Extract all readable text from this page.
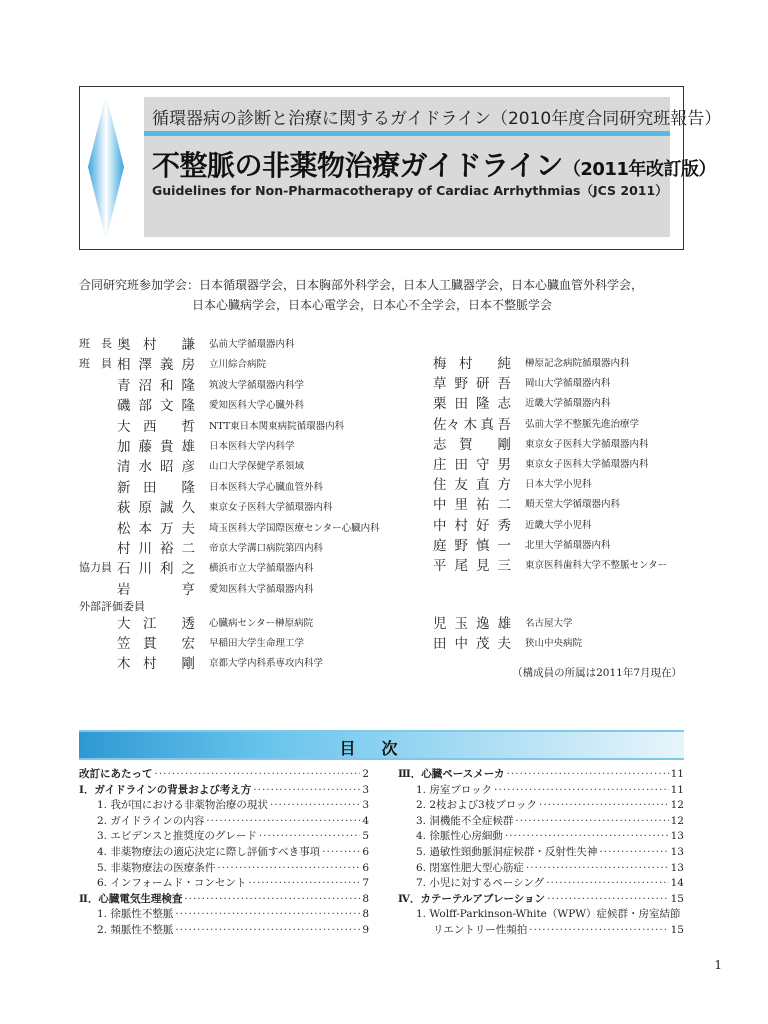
循環器病の診断と治療に関するガイドライン（2010年度合同研究班報告）
不整脈の非薬物治療ガイドライン（2011年改訂版）
Guidelines for Non-Pharmacotherapy of Cardiac Arrhythmias（JCS 2011）
合同研究班参加学会：日本循環器学会，日本胸部外科学会，日本人工臓器学会，日本心臓血管外科学会，
日本心臓病学会，日本心電学会，日本心不全学会，日本不整脈学会
外部評価委員
（構成員の所属は2011年7月現在）
目次
1
班　長 奥 村 謙 弘前大学循環器内科
班　員 相 澤 義 房 立川綜合病院
青 沼 和 隆 筑波大学循環器内科学
磯 部 文 隆 愛知医科大学心臓外科
大 西 哲 NTT東日本関東病院循環器内科
加 藤 貴 雄 日本医科大学内科学
清 水 昭 彦 山口大学保健学系領域
新 田 隆 日本医科大学心臓血管外科
萩 原 誠 久 東京女子医科大学循環器内科
松 本 万 夫 埼玉医科大学国際医療センター心臓内科
村 川 裕 二 帝京大学溝口病院第四内科
協力員 石 川 利 之 横浜市立大学循環器内科
岩	亨 愛知医科大学循環器内科
梅 村 純 榊原記念病院循環器内科
草 野 研 吾 岡山大学循環器内科
栗 田 隆 志 近畿大学循環器内科
佐々 木 真 吾 弘前大学不整脈先進治療学
志 賀 剛 東京女子医科大学循環器内科
庄 田 守 男 東京女子医科大学循環器内科
住 友 直 方 日本大学小児科
中 里 祐 二 順天堂大学循環器内科
中 村 好 秀 近畿大学小児科
庭 野 慎 一 北里大学循環器内科
平 尾 見 三 東京医科歯科大学不整脈センター
大 江 透 心臓病センター榊原病院
笠 貫 宏 早稲田大学生命理工学
木 村 剛 京都大学内科系専攻内科学
児 玉 逸 雄 名古屋大学
田 中 茂 夫 狭山中央病院
改訂にあたって ·····	2
Ⅰ．ガイドラインの背景および考え方 ·····	3
1. 我が国における非薬物治療の現状 ·····	3
2. ガイドラインの内容 ·····	4
3. エビデンスと推奨度のグレード ·····	5
4. 非薬物療法の適応決定に際し評価すべき事項 ·····	6
5. 非薬物療法の医療条件 ·····	6
6. インフォームド・コンセント ·····	7
Ⅱ．心臓電気生理検査 ·····	8
1. 徐脈性不整脈 ·····	8
2. 頻脈性不整脈 ·····	9
Ⅲ．心臓ペースメーカ ·····	11
1. 房室ブロック ·····	11
2. 2枝および3枝ブロック ·····	12
3. 洞機能不全症候群 ·····	12
4. 徐脈性心房細動 ·····	13
5. 過敏性頸動脈洞症候群・反射性失神 ·····	13
6. 閉塞性肥大型心筋症 ·····	13
7. 小児に対するペーシング ·····	14
Ⅳ．カテーテルアブレーション ·····	15
1. Wolff-Parkinson-White（WPW）症候群・房室結節
リエントリー性頻拍 ·····	15
